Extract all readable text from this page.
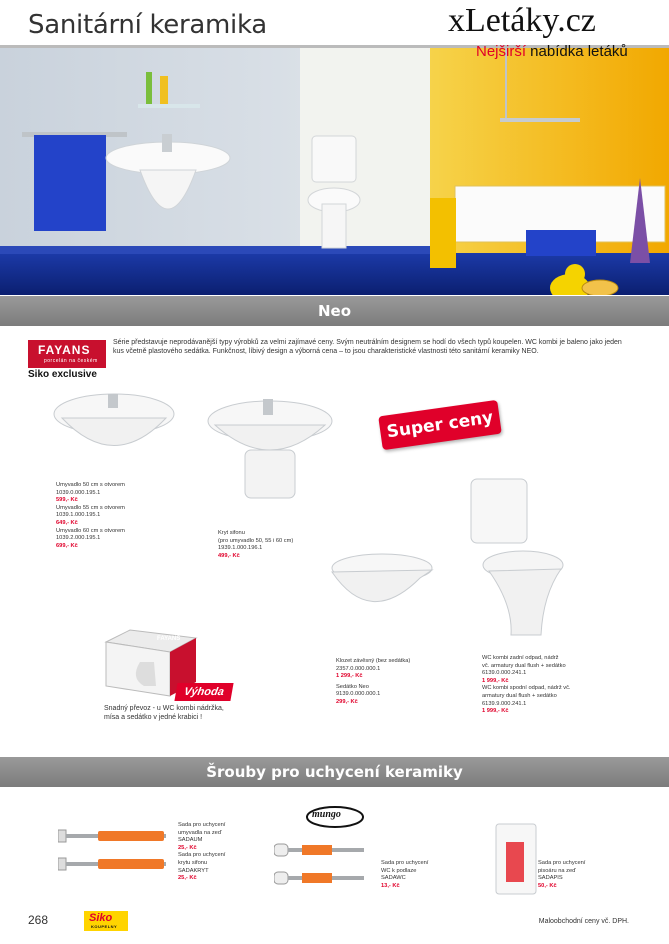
Sanitární keramika	xLetáky.cz
Nejširší nabídka letáků
Neo
FAYANS
porcelán na českém
Siko exclusive
Série představuje neprodávanější typy výrobků za velmi zajímavé ceny. Svým neutrálním designem se hodí do všech typů koupelen. WC kombi je baleno jako jeden kus včetně plastového sedátka. Funkčnost, líbivý design a výborná cena – to jsou charakteristické vlastnosti této sanitární keramiky NEO.
Super ceny
Umyvadlo 50 cm s otvorem
1039.0.000.195.1
599,- Kč
Umyvadlo 55 cm s otvorem
1039.1.000.195.1
649,- Kč
Umyvadlo 60 cm s otvorem
1039.2.000.195.1
699,- Kč
Kryt sifonu
(pro umyvadlo 50, 55 i 60 cm)
1939.1.000.196.1
499,- Kč
Klozet závěsný (bez sedátka)
2357.0.000.000.1
1 299,- Kč
Sedátko Neo
9139.0.000.000.1
299,- Kč
WC kombi zadní odpad, nádrž
vč. armatury dual flush + sedátko
6139.0.000.241.1
1 999,- Kč
WC kombi spodní odpad, nádrž vč.
armatury dual flush + sedátko
6139.9.000.241.1
1 999,- Kč
FAYANS
Výhoda
Snadný převoz - u WC kombi nádržka,
mísa a sedátko v jedné krabici !
Šrouby pro uchycení keramiky
mungo
Sada pro uchycení
umyvadla na zeď
SADAUM
25,- Kč
Sada pro uchycení
krytu sifonu
SADAKRYT
25,- Kč
Sada pro uchycení
WC k podlaze
SADAWC
13,- Kč
Sada pro uchycení
pisoáru na zeď
SADAPIS
50,- Kč
268	Siko
KOUPELNY
Maloobchodní ceny vč. DPH.
